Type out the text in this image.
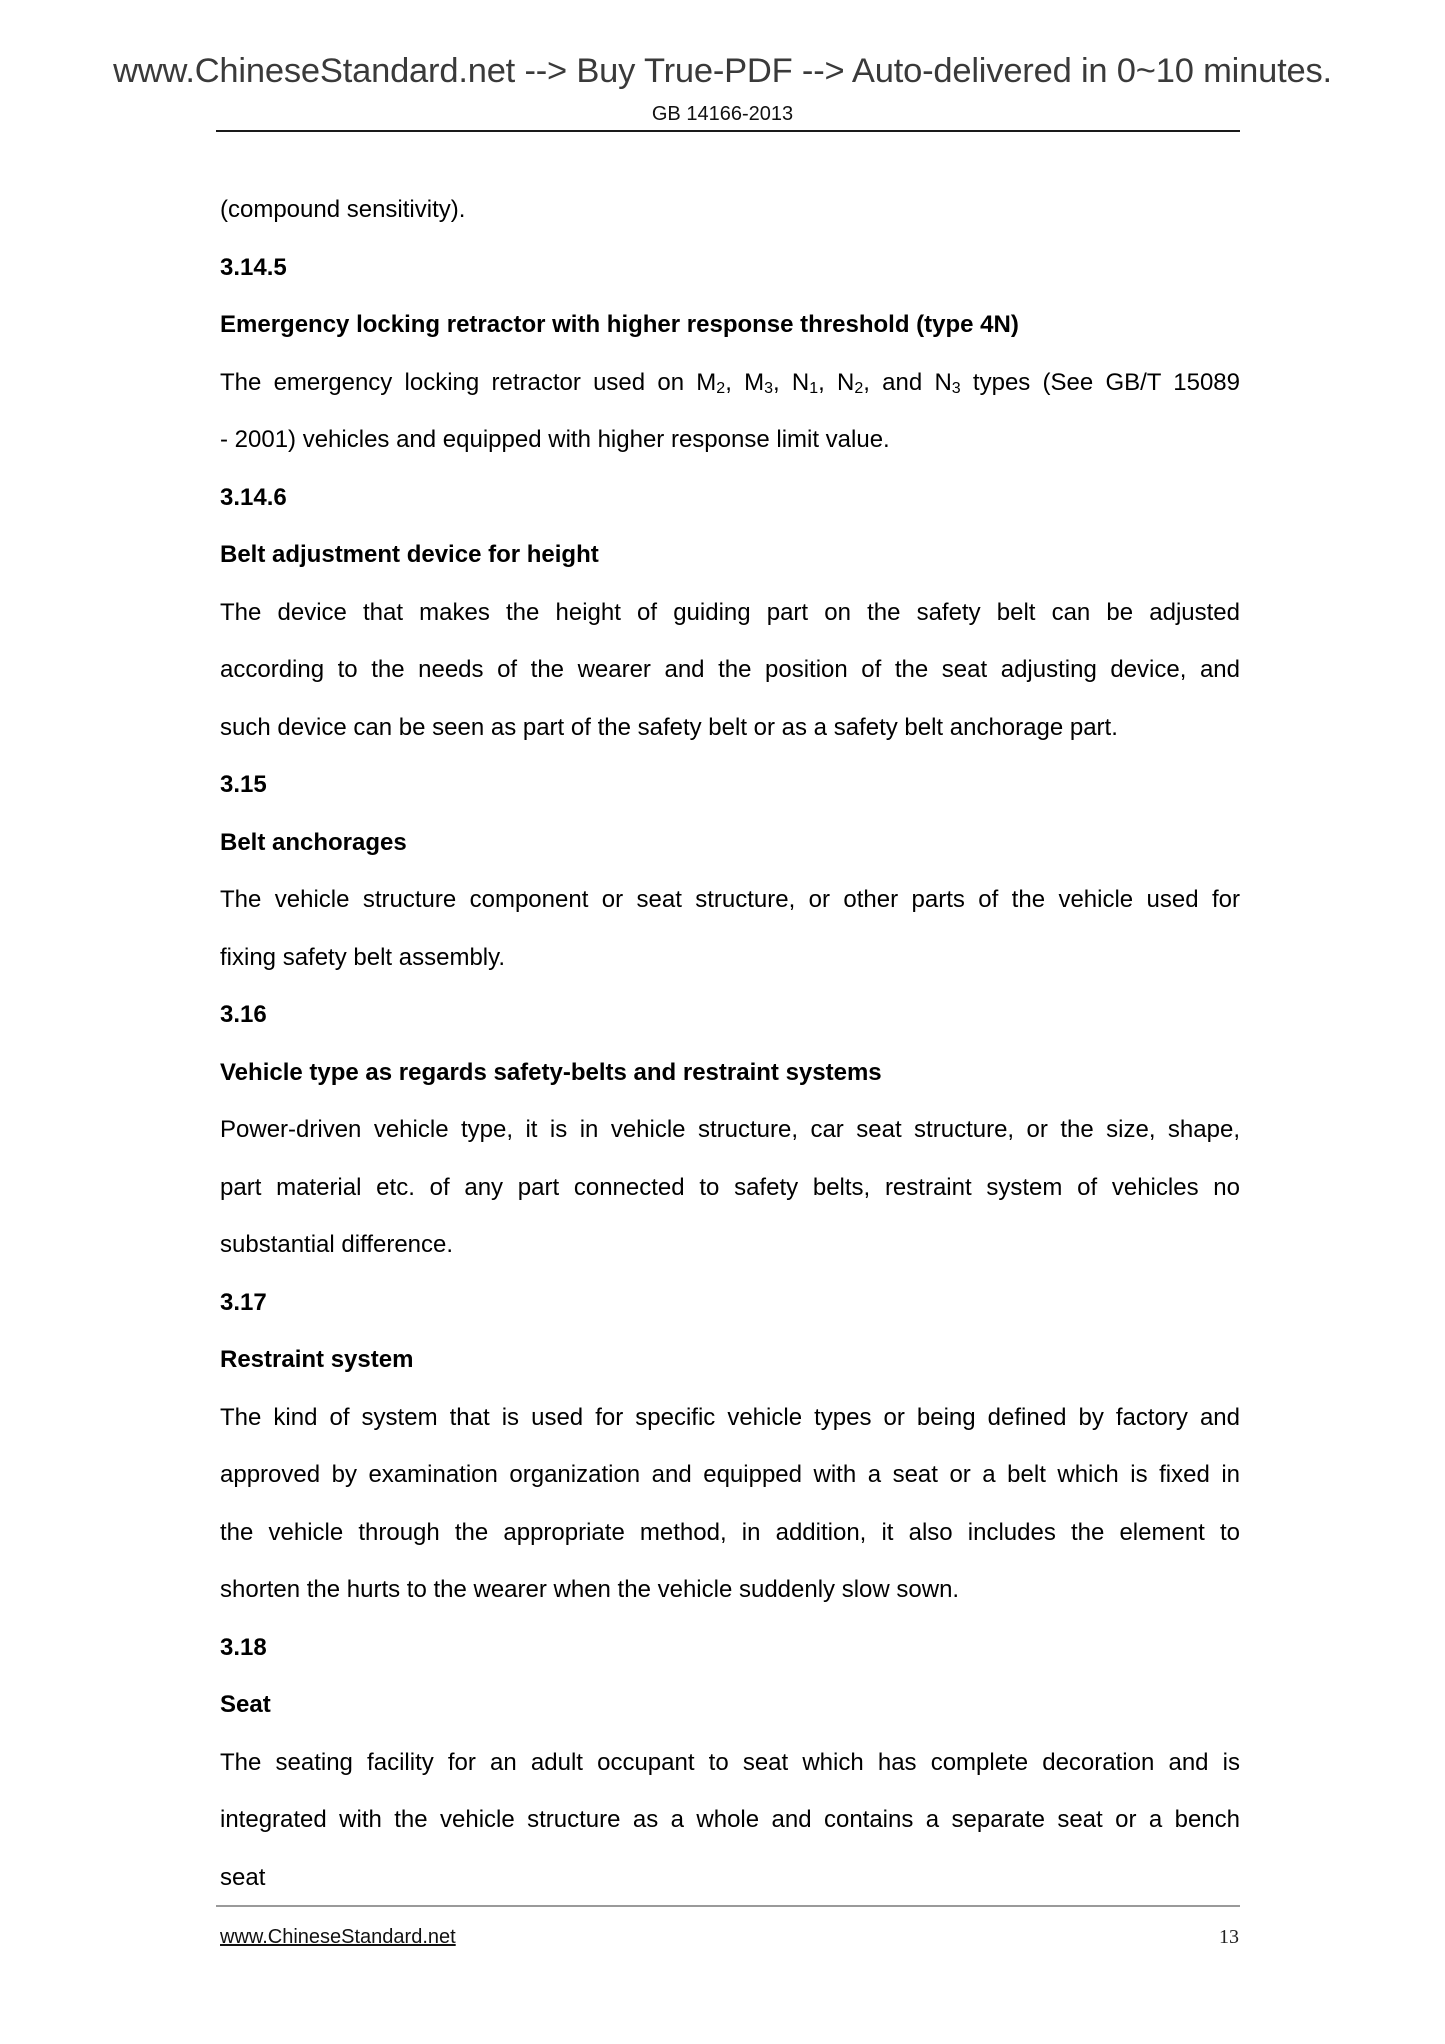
www.ChineseStandard.net --> Buy True-PDF --> Auto-delivered in 0~10 minutes.
GB 14166-2013
(compound sensitivity).
3.14.5
Emergency locking retractor with higher response threshold (type 4N)
The emergency locking retractor used on $M_2$, $M_3$, $N_1$, $N_2$, and $N_3$ types (See GB/T 15089
- 2001) vehicles and equipped with higher response limit value.
3.14.6
Belt adjustment device for height
The device that makes the height of guiding part on the safety belt can be adjusted
according to the needs of the wearer and the position of the seat adjusting device, and
such device can be seen as part of the safety belt or as a safety belt anchorage part.
3.15
Belt anchorages
The vehicle structure component or seat structure, or other parts of the vehicle used for
fixing safety belt assembly.
3.16
Vehicle type as regards safety-belts and restraint systems
Power-driven vehicle type, it is in vehicle structure, car seat structure, or the size, shape,
part material etc. of any part connected to safety belts, restraint system of vehicles no
substantial difference.
3.17
Restraint system
The kind of system that is used for specific vehicle types or being defined by factory and
approved by examination organization and equipped with a seat or a belt which is fixed in
the vehicle through the appropriate method, in addition, it also includes the element to
shorten the hurts to the wearer when the vehicle suddenly slow sown.
3.18
Seat
The seating facility for an adult occupant to seat which has complete decoration and is
integrated with the vehicle structure as a whole and contains a separate seat or a bench
seat
www.ChineseStandard.net	13
